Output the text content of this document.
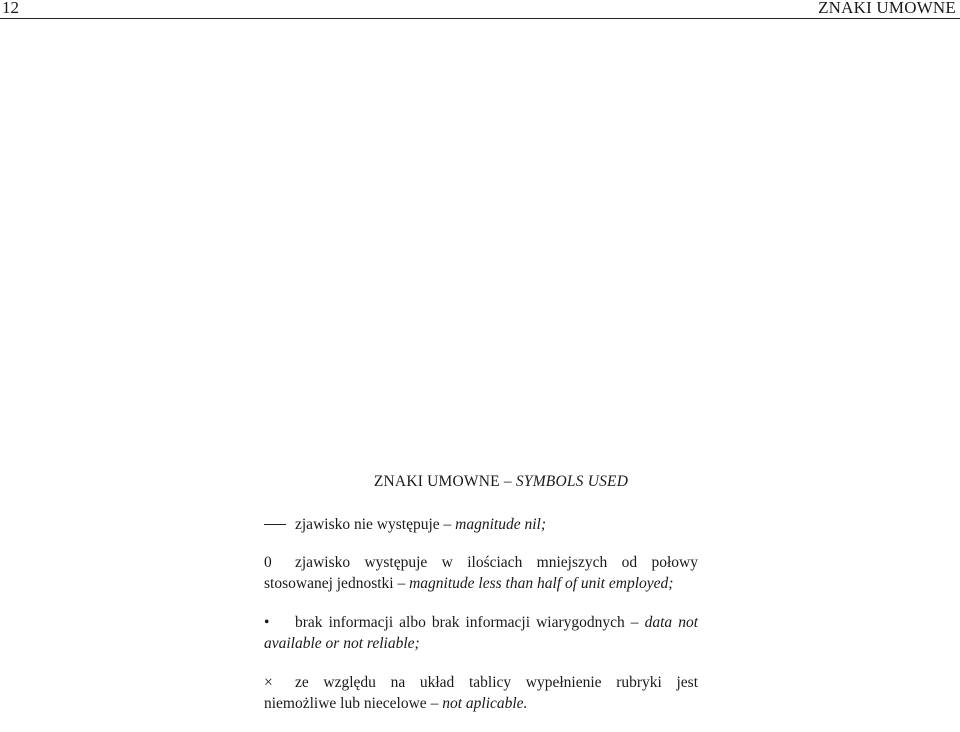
12	ZNAKI UMOWNE
ZNAKI UMOWNE – SYMBOLS USED
zjawisko nie występuje – magnitude nil;
0 zjawisko występuje w ilościach mniejszych od połowy stosowanej jednostki – magnitude less than half of unit employed;
• brak informacji albo brak informacji wiarygodnych – data not available or not reliable;
× ze względu na układ tablicy wypełnienie rubryki jest niemożliwe lub niecelowe – not aplicable.
